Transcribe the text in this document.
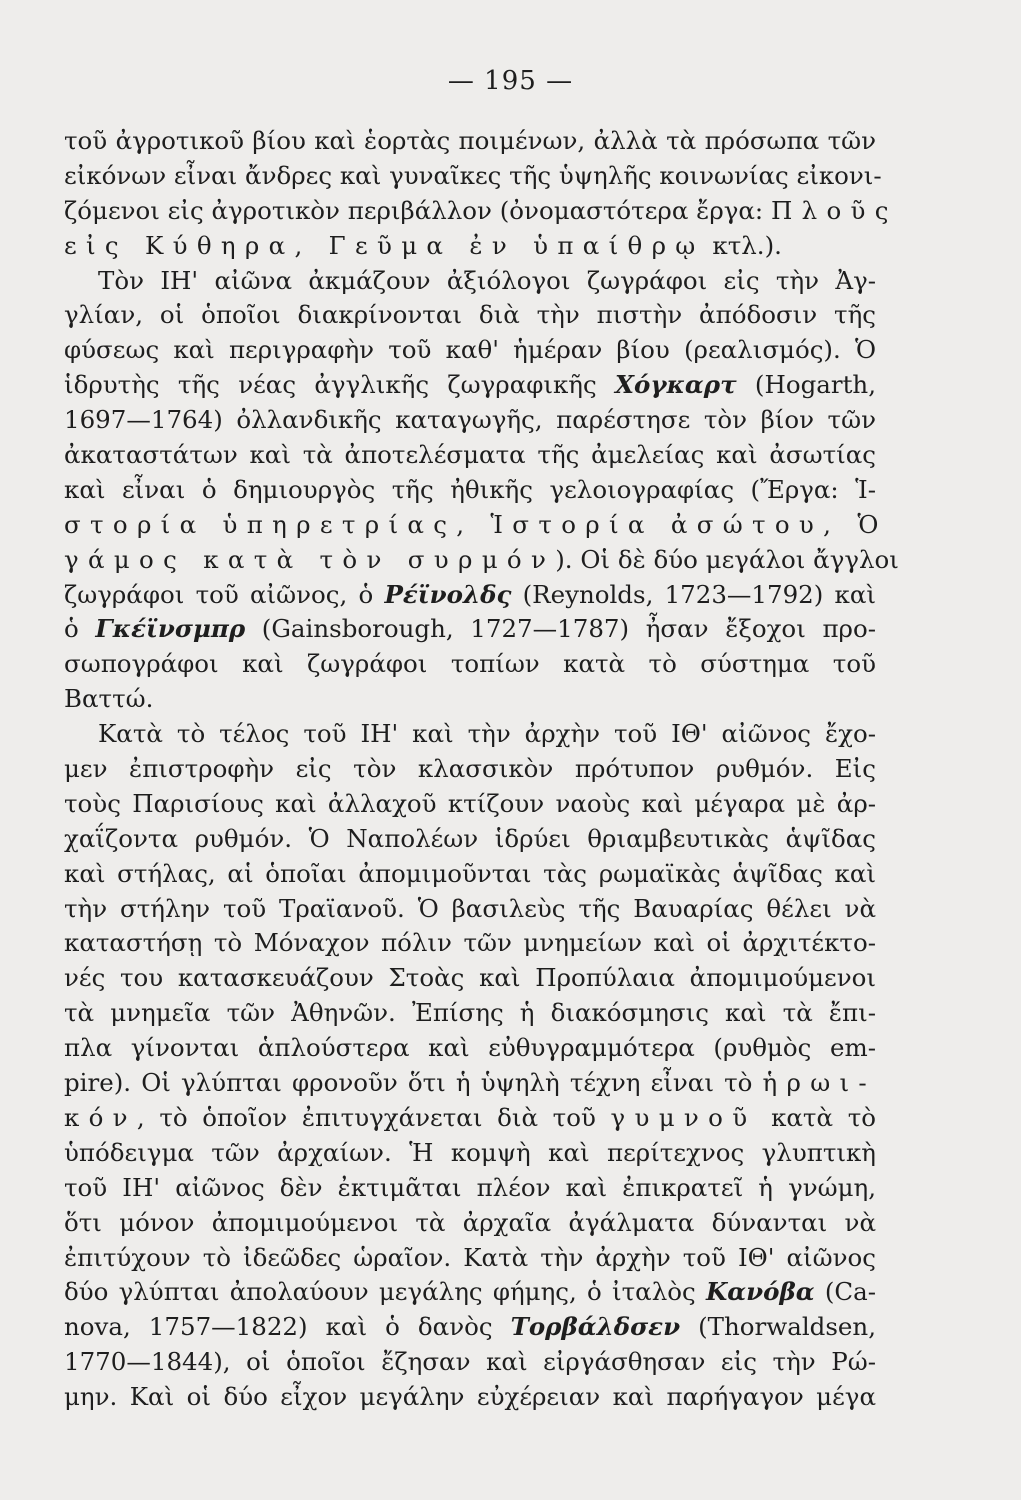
— 195 —
τοῦ ἀγροτικοῦ βίου καὶ ἑορτὰς ποιμένων, ἀλλὰ τὰ πρόσωπα τῶν
εἰκόνων εἶναι ἄνδρες καὶ γυναῖκες τῆς ὑψηλῆς κοινωνίας εἰκονι-
ζόμενοι εἰς ἀγροτικὸν περιβάλλον (ὀνομαστότερα ἔργα: Πλοῦς
εἰς Κύθηρα, Γεῦμα ἐν ὑπαίθρῳ κτλ.).
Τὸν ΙΗ' αἰῶνα ἀκμάζουν ἀξιόλογοι ζωγράφοι εἰς τὴν Ἀγ-
γλίαν, οἱ ὁποῖοι διακρίνονται διὰ τὴν πιστὴν ἀπόδοσιν τῆς
φύσεως καὶ περιγραφὴν τοῦ καθ' ἡμέραν βίου (ρεαλισμός). Ὁ
ἱδρυτὴς τῆς νέας ἀγγλικῆς ζωγραφικῆς Χόγκαρτ (Hogarth,
1697—1764) ὀλλανδικῆς καταγωγῆς, παρέστησε τὸν βίον τῶν
ἀκαταστάτων καὶ τὰ ἀποτελέσματα τῆς ἀμελείας καὶ ἀσωτίας
καὶ εἶναι ὁ δημιουργὸς τῆς ἠθικῆς γελοιογραφίας (Ἔργα: Ἱ-
στορία ὑπηρετρίας, Ἱστορία ἀσώτου, Ὁ
γάμος κατὰ τὸν συρμόν). Οἱ δὲ δύο μεγάλοι ἄγγλοι
ζωγράφοι τοῦ αἰῶνος, ὁ Ρέϊνολδς (Reynolds, 1723—1792) καὶ
ὁ Γκέϊνσμπρ (Gainsborough, 1727—1787) ἦσαν ἔξοχοι προ-
σωπογράφοι καὶ ζωγράφοι τοπίων κατὰ τὸ σύστημα τοῦ
Βαττώ.
Κατὰ τὸ τέλος τοῦ ΙΗ' καὶ τὴν ἀρχὴν τοῦ ΙΘ' αἰῶνος ἔχο-
μεν ἐπιστροφὴν εἰς τὸν κλασσικὸν πρότυπον ρυθμόν. Εἰς
τοὺς Παρισίους καὶ ἀλλαχοῦ κτίζουν ναοὺς καὶ μέγαρα μὲ ἀρ-
χαΐζοντα ρυθμόν. Ὁ Ναπολέων ἱδρύει θριαμβευτικὰς ἁψῖδας
καὶ στήλας, αἱ ὁποῖαι ἀπομιμοῦνται τὰς ρωμαϊκὰς ἁψῖδας καὶ
τὴν στήλην τοῦ Τραϊανοῦ. Ὁ βασιλεὺς τῆς Βαυαρίας θέλει νὰ
καταστήσῃ τὸ Μόναχον πόλιν τῶν μνημείων καὶ οἱ ἀρχιτέκτο-
νές του κατασκευάζουν Στοὰς καὶ Προπύλαια ἀπομιμούμενοι
τὰ μνημεῖα τῶν Ἀθηνῶν. Ἐπίσης ἡ διακόσμησις καὶ τὰ ἔπι-
πλα γίνονται ἁπλούστερα καὶ εὐθυγραμμότερα (ρυθμὸς em-
pire). Οἱ γλύπται φρονοῦν ὅτι ἡ ὑψηλὴ τέχνη εἶναι τὸ ἡρωι-
κόν, τὸ ὁποῖον ἐπιτυγχάνεται διὰ τοῦ γυμνοῦ κατὰ τὸ
ὑπόδειγμα τῶν ἀρχαίων. Ἡ κομψὴ καὶ περίτεχνος γλυπτικὴ
τοῦ ΙΗ' αἰῶνος δὲν ἐκτιμᾶται πλέον καὶ ἐπικρατεῖ ἡ γνώμη,
ὅτι μόνον ἀπομιμούμενοι τὰ ἀρχαῖα ἀγάλματα δύνανται νὰ
ἐπιτύχουν τὸ ἰδεῶδες ὡραῖον. Κατὰ τὴν ἀρχὴν τοῦ ΙΘ' αἰῶνος
δύο γλύπται ἀπολαύουν μεγάλης φήμης, ὁ ἰταλὸς Κανόβα (Ca-
nova, 1757—1822) καὶ ὁ δανὸς Τορβάλδσεν (Thorwaldsen,
1770—1844), οἱ ὁποῖοι ἔζησαν καὶ εἰργάσθησαν εἰς τὴν Ρώ-
μην. Καὶ οἱ δύο εἶχον μεγάλην εὐχέρειαν καὶ παρήγαγον μέγα
